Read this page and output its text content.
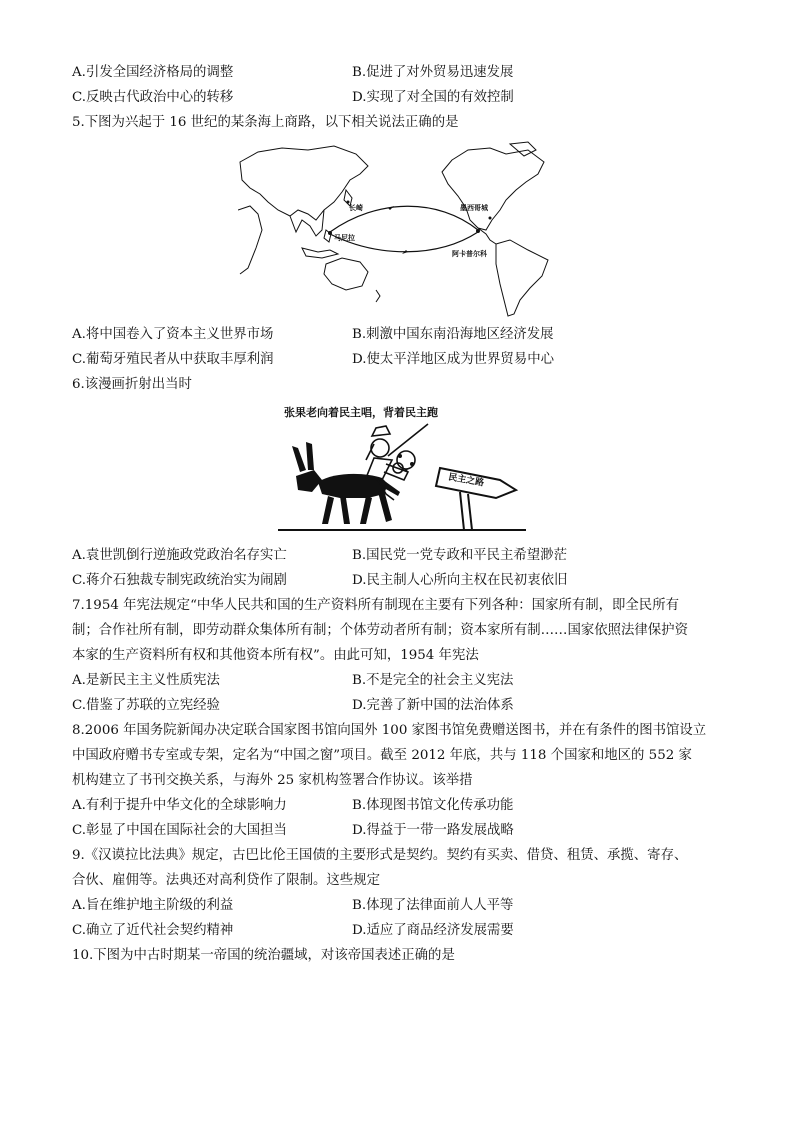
A.引发全国经济格局的调整	B.促进了对外贸易迅速发展
C.反映古代政治中心的转移	D.实现了对全国的有效控制
5.下图为兴起于 16 世纪的某条海上商路，以下相关说法正确的是
长崎
马尼拉
墨西哥城
阿卡普尔科
A.将中国卷入了资本主义世界市场	B.刺激中国东南沿海地区经济发展
C.葡萄牙殖民者从中获取丰厚利润	D.使太平洋地区成为世界贸易中心
6.该漫画折射出当时
张果老向着民主唱，背着民主跑
民主之路
A.袁世凯倒行逆施政党政治名存实亡	B.国民党一党专政和平民主希望渺茫
C.蒋介石独裁专制宪政统治实为闹剧	D.民主制人心所向主权在民初衷依旧
7.1954 年宪法规定“中华人民共和国的生产资料所有制现在主要有下列各种：国家所有制，即全民所有
制；合作社所有制，即劳动群众集体所有制；个体劳动者所有制；资本家所有制……国家依照法律保护资
本家的生产资料所有权和其他资本所有权”。由此可知，1954 年宪法
A.是新民主主义性质宪法	B.不是完全的社会主义宪法
C.借鉴了苏联的立宪经验	D.完善了新中国的法治体系
8.2006 年国务院新闻办决定联合国家图书馆向国外 100 家图书馆免费赠送图书，并在有条件的图书馆设立
中国政府赠书专室或专架，定名为“中国之窗”项目。截至 2012 年底，共与 118 个国家和地区的 552 家
机构建立了书刊交换关系，与海外 25 家机构签署合作协议。该举措
A.有利于提升中华文化的全球影响力	B.体现图书馆文化传承功能
C.彰显了中国在国际社会的大国担当	D.得益于一带一路发展战略
9.《汉谟拉比法典》规定，古巴比伦王国债的主要形式是契约。契约有买卖、借贷、租赁、承揽、寄存、
合伙、雇佣等。法典还对高利贷作了限制。这些规定
A.旨在维护地主阶级的利益	B.体现了法律面前人人平等
C.确立了近代社会契约精神	D.适应了商品经济发展需要
10.下图为中古时期某一帝国的统治疆域，对该帝国表述正确的是
